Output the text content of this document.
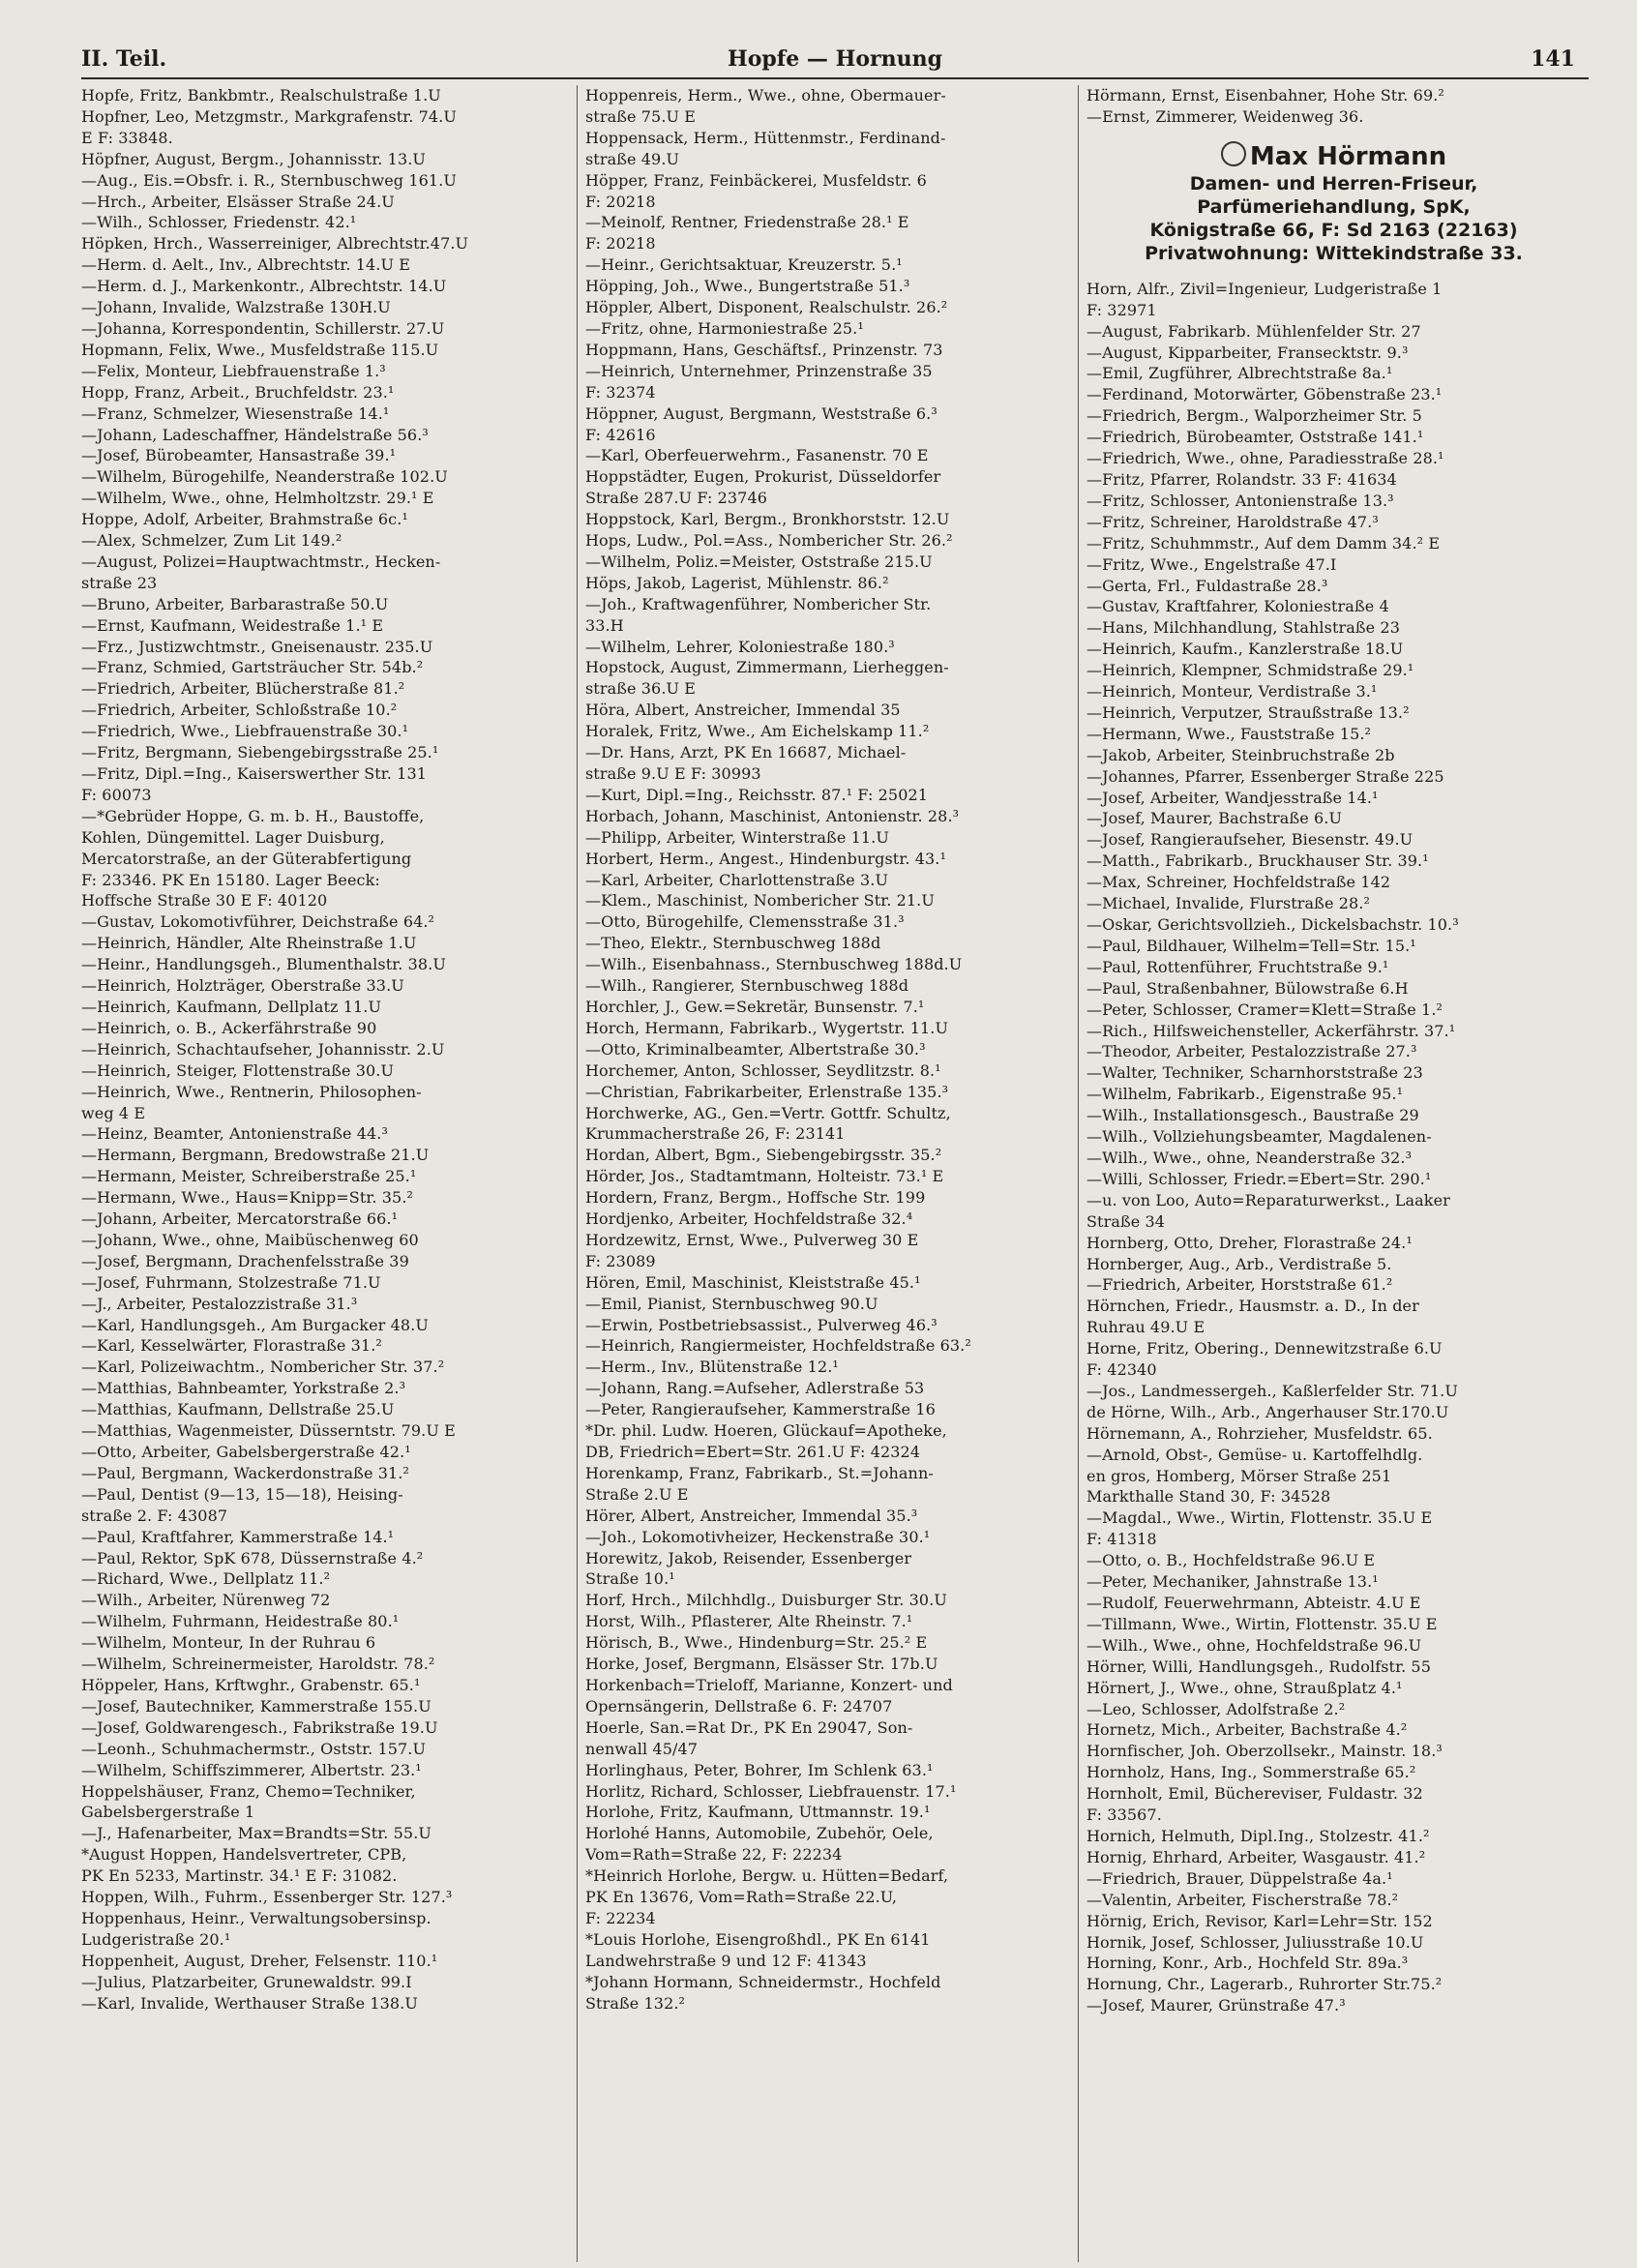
II. Teil.	Hopfe — Hornung	141
Hopfe, Fritz, Bankbmtr., Realschulstraße 1.U
Hopfner, Leo, Metzgmstr., Markgrafenstr. 74.U
E F: 33848.
Höpfner, August, Bergm., Johannisstr. 13.U
—Aug., Eis.=Obsfr. i. R., Sternbuschweg 161.U
—Hrch., Arbeiter, Elsässer Straße 24.U
—Wilh., Schlosser, Friedenstr. 42.¹
Höpken, Hrch., Wasserreiniger, Albrechtstr.47.U
—Herm. d. Aelt., Inv., Albrechtstr. 14.U E
—Herm. d. J., Markenkontr., Albrechtstr. 14.U
—Johann, Invalide, Walzstraße 130H.U
—Johanna, Korrespondentin, Schillerstr. 27.U
Hopmann, Felix, Wwe., Musfeldstraße 115.U
—Felix, Monteur, Liebfrauenstraße 1.³
Hopp, Franz, Arbeit., Bruchfeldstr. 23.¹
—Franz, Schmelzer, Wiesenstraße 14.¹
—Johann, Ladeschaffner, Händelstraße 56.³
—Josef, Bürobeamter, Hansastraße 39.¹
—Wilhelm, Bürogehilfe, Neanderstraße 102.U
—Wilhelm, Wwe., ohne, Helmholtzstr. 29.¹ E
Hoppe, Adolf, Arbeiter, Brahmstraße 6c.¹
—Alex, Schmelzer, Zum Lit 149.²
—August, Polizei=Hauptwachtmstr., Hecken-
straße 23
—Bruno, Arbeiter, Barbarastraße 50.U
—Ernst, Kaufmann, Weidestraße 1.¹ E
—Frz., Justizwchtmstr., Gneisenaustr. 235.U
—Franz, Schmied, Gartsträucher Str. 54b.²
—Friedrich, Arbeiter, Blücherstraße 81.²
—Friedrich, Arbeiter, Schloßstraße 10.²
—Friedrich, Wwe., Liebfrauenstraße 30.¹
—Fritz, Bergmann, Siebengebirgsstraße 25.¹
—Fritz, Dipl.=Ing., Kaiserswerther Str. 131
F: 60073
—*Gebrüder Hoppe, G. m. b. H., Baustoffe,
Kohlen, Düngemittel. Lager Duisburg,
Mercatorstraße, an der Güterabfertigung
F: 23346. PK En 15180. Lager Beeck:
Hoffsche Straße 30 E F: 40120
—Gustav, Lokomotivführer, Deichstraße 64.²
—Heinrich, Händler, Alte Rheinstraße 1.U
—Heinr., Handlungsgeh., Blumenthalstr. 38.U
—Heinrich, Holzträger, Oberstraße 33.U
—Heinrich, Kaufmann, Dellplatz 11.U
—Heinrich, o. B., Ackerfährstraße 90
—Heinrich, Schachtaufseher, Johannisstr. 2.U
—Heinrich, Steiger, Flottenstraße 30.U
—Heinrich, Wwe., Rentnerin, Philosophen-
weg 4 E
—Heinz, Beamter, Antonienstraße 44.³
—Hermann, Bergmann, Bredowstraße 21.U
—Hermann, Meister, Schreiberstraße 25.¹
—Hermann, Wwe., Haus=Knipp=Str. 35.²
—Johann, Arbeiter, Mercatorstraße 66.¹
—Johann, Wwe., ohne, Maibüschenweg 60
—Josef, Bergmann, Drachenfelsstraße 39
—Josef, Fuhrmann, Stolzestraße 71.U
—J., Arbeiter, Pestalozzistraße 31.³
—Karl, Handlungsgeh., Am Burgacker 48.U
—Karl, Kesselwärter, Florastraße 31.²
—Karl, Polizeiwachtm., Nombericher Str. 37.²
—Matthias, Bahnbeamter, Yorkstraße 2.³
—Matthias, Kaufmann, Dellstraße 25.U
—Matthias, Wagenmeister, Düsserntstr. 79.U E
—Otto, Arbeiter, Gabelsbergerstraße 42.¹
—Paul, Bergmann, Wackerdonstraße 31.²
—Paul, Dentist (9—13, 15—18), Heising-
straße 2. F: 43087
—Paul, Kraftfahrer, Kammerstraße 14.¹
—Paul, Rektor, SpK 678, Düssernstraße 4.²
—Richard, Wwe., Dellplatz 11.²
—Wilh., Arbeiter, Nürenweg 72
—Wilhelm, Fuhrmann, Heidestraße 80.¹
—Wilhelm, Monteur, In der Ruhrau 6
—Wilhelm, Schreinermeister, Haroldstr. 78.²
Höppeler, Hans, Krftwghr., Grabenstr. 65.¹
—Josef, Bautechniker, Kammerstraße 155.U
—Josef, Goldwarengesch., Fabrikstraße 19.U
—Leonh., Schuhmachermstr., Oststr. 157.U
—Wilhelm, Schiffszimmerer, Albertstr. 23.¹
Hoppelshäuser, Franz, Chemo=Techniker,
Gabelsbergerstraße 1
—J., Hafenarbeiter, Max=Brandts=Str. 55.U
*August Hoppen, Handelsvertreter, CPB,
PK En 5233, Martinstr. 34.¹ E F: 31082.
Hoppen, Wilh., Fuhrm., Essenberger Str. 127.³
Hoppenhaus, Heinr., Verwaltungsobersinsp.
Ludgeristraße 20.¹
Hoppenheit, August, Dreher, Felsenstr. 110.¹
—Julius, Platzarbeiter, Grunewaldstr. 99.I
—Karl, Invalide, Werthauser Straße 138.U
Hoppenreis, Herm., Wwe., ohne, Obermauer-
straße 75.U E
Hoppensack, Herm., Hüttenmstr., Ferdinand-
straße 49.U
Höpper, Franz, Feinbäckerei, Musfeldstr. 6
F: 20218
—Meinolf, Rentner, Friedenstraße 28.¹ E
F: 20218
—Heinr., Gerichtsaktuar, Kreuzerstr. 5.¹
Höpping, Joh., Wwe., Bungertstraße 51.³
Höppler, Albert, Disponent, Realschulstr. 26.²
—Fritz, ohne, Harmoniestraße 25.¹
Hoppmann, Hans, Geschäftsf., Prinzenstr. 73
—Heinrich, Unternehmer, Prinzenstraße 35
F: 32374
Höppner, August, Bergmann, Weststraße 6.³
F: 42616
—Karl, Oberfeuerwehrm., Fasanenstr. 70 E
Hoppstädter, Eugen, Prokurist, Düsseldorfer
Straße 287.U F: 23746
Hoppstock, Karl, Bergm., Bronkhorststr. 12.U
Hops, Ludw., Pol.=Ass., Nombericher Str. 26.²
—Wilhelm, Poliz.=Meister, Oststraße 215.U
Höps, Jakob, Lagerist, Mühlenstr. 86.²
—Joh., Kraftwagenführer, Nombericher Str.
33.H
—Wilhelm, Lehrer, Koloniestraße 180.³
Hopstock, August, Zimmermann, Lierheggen-
straße 36.U E
Höra, Albert, Anstreicher, Immendal 35
Horalek, Fritz, Wwe., Am Eichelskamp 11.²
—Dr. Hans, Arzt, PK En 16687, Michael-
straße 9.U E F: 30993
—Kurt, Dipl.=Ing., Reichsstr. 87.¹ F: 25021
Horbach, Johann, Maschinist, Antonienstr. 28.³
—Philipp, Arbeiter, Winterstraße 11.U
Horbert, Herm., Angest., Hindenburgstr. 43.¹
—Karl, Arbeiter, Charlottenstraße 3.U
—Klem., Maschinist, Nombericher Str. 21.U
—Otto, Bürogehilfe, Clemensstraße 31.³
—Theo, Elektr., Sternbuschweg 188d
—Wilh., Eisenbahnass., Sternbuschweg 188d.U
—Wilh., Rangierer, Sternbuschweg 188d
Horchler, J., Gew.=Sekretär, Bunsenstr. 7.¹
Horch, Hermann, Fabrikarb., Wygertstr. 11.U
—Otto, Kriminalbeamter, Albertstraße 30.³
Horchemer, Anton, Schlosser, Seydlitzstr. 8.¹
—Christian, Fabrikarbeiter, Erlenstraße 135.³
Horchwerke, AG., Gen.=Vertr. Gottfr. Schultz,
Krummacherstraße 26, F: 23141
Hordan, Albert, Bgm., Siebengebirgsstr. 35.²
Hörder, Jos., Stadtamtmann, Holteistr. 73.¹ E
Hordern, Franz, Bergm., Hoffsche Str. 199
Hordjenko, Arbeiter, Hochfeldstraße 32.⁴
Hordzewitz, Ernst, Wwe., Pulverweg 30 E
F: 23089
Hören, Emil, Maschinist, Kleiststraße 45.¹
—Emil, Pianist, Sternbuschweg 90.U
—Erwin, Postbetriebsassist., Pulverweg 46.³
—Heinrich, Rangiermeister, Hochfeldstraße 63.²
—Herm., Inv., Blütenstraße 12.¹
—Johann, Rang.=Aufseher, Adlerstraße 53
—Peter, Rangieraufseher, Kammerstraße 16
*Dr. phil. Ludw. Hoeren, Glückauf=Apotheke,
DB, Friedrich=Ebert=Str. 261.U F: 42324
Horenkamp, Franz, Fabrikarb., St.=Johann-
Straße 2.U E
Hörer, Albert, Anstreicher, Immendal 35.³
—Joh., Lokomotivheizer, Heckenstraße 30.¹
Horewitz, Jakob, Reisender, Essenberger
Straße 10.¹
Horf, Hrch., Milchhdlg., Duisburger Str. 30.U
Horst, Wilh., Pflasterer, Alte Rheinstr. 7.¹
Hörisch, B., Wwe., Hindenburg=Str. 25.² E
Horke, Josef, Bergmann, Elsässer Str. 17b.U
Horkenbach=Trieloff, Marianne, Konzert- und
Opernsängerin, Dellstraße 6. F: 24707
Hoerle, San.=Rat Dr., PK En 29047, Son-
nenwall 45/47
Horlinghaus, Peter, Bohrer, Im Schlenk 63.¹
Horlitz, Richard, Schlosser, Liebfrauenstr. 17.¹
Horlohe, Fritz, Kaufmann, Uttmannstr. 19.¹
Horlohé Hanns, Automobile, Zubehör, Oele,
Vom=Rath=Straße 22, F: 22234
*Heinrich Horlohe, Bergw. u. Hütten=Bedarf,
PK En 13676, Vom=Rath=Straße 22.U,
F: 22234
*Louis Horlohe, Eisengroßhdl., PK En 6141
Landwehrstraße 9 und 12 F: 41343
*Johann Hormann, Schneidermstr., Hochfeld
Straße 132.²
Hörmann, Ernst, Eisenbahner, Hohe Str. 69.²
—Ernst, Zimmerer, Weidenweg 36.
Max Hörmann
Damen- und Herren-Friseur,
Parfümeriehandlung, SpK,
Königstraße 66, F: Sd 2163 (22163)
Privatwohnung: Wittekindstraße 33.
Horn, Alfr., Zivil=Ingenieur, Ludgeristraße 1
F: 32971
—August, Fabrikarb. Mühlenfelder Str. 27
—August, Kipparbeiter, Fransecktstr. 9.³
—Emil, Zugführer, Albrechtstraße 8a.¹
—Ferdinand, Motorwärter, Göbenstraße 23.¹
—Friedrich, Bergm., Walporzheimer Str. 5
—Friedrich, Bürobeamter, Oststraße 141.¹
—Friedrich, Wwe., ohne, Paradiesstraße 28.¹
—Fritz, Pfarrer, Rolandstr. 33 F: 41634
—Fritz, Schlosser, Antonienstraße 13.³
—Fritz, Schreiner, Haroldstraße 47.³
—Fritz, Schuhmmstr., Auf dem Damm 34.² E
—Fritz, Wwe., Engelstraße 47.I
—Gerta, Frl., Fuldastraße 28.³
—Gustav, Kraftfahrer, Koloniestraße 4
—Hans, Milchhandlung, Stahlstraße 23
—Heinrich, Kaufm., Kanzlerstraße 18.U
—Heinrich, Klempner, Schmidstraße 29.¹
—Heinrich, Monteur, Verdistraße 3.¹
—Heinrich, Verputzer, Straußstraße 13.²
—Hermann, Wwe., Fauststraße 15.²
—Jakob, Arbeiter, Steinbruchstraße 2b
—Johannes, Pfarrer, Essenberger Straße 225
—Josef, Arbeiter, Wandjesstraße 14.¹
—Josef, Maurer, Bachstraße 6.U
—Josef, Rangieraufseher, Biesenstr. 49.U
—Matth., Fabrikarb., Bruckhauser Str. 39.¹
—Max, Schreiner, Hochfeldstraße 142
—Michael, Invalide, Flurstraße 28.²
—Oskar, Gerichtsvollzieh., Dickelsbachstr. 10.³
—Paul, Bildhauer, Wilhelm=Tell=Str. 15.¹
—Paul, Rottenführer, Fruchtstraße 9.¹
—Paul, Straßenbahner, Bülowstraße 6.H
—Peter, Schlosser, Cramer=Klett=Straße 1.²
—Rich., Hilfsweichensteller, Ackerfährstr. 37.¹
—Theodor, Arbeiter, Pestalozzistraße 27.³
—Walter, Techniker, Scharnhorststraße 23
—Wilhelm, Fabrikarb., Eigenstraße 95.¹
—Wilh., Installationsgesch., Baustraße 29
—Wilh., Vollziehungsbeamter, Magdalenen-
—Wilh., Wwe., ohne, Neanderstraße 32.³
—Willi, Schlosser, Friedr.=Ebert=Str. 290.¹
—u. von Loo, Auto=Reparaturwerkst., Laaker
Straße 34
Hornberg, Otto, Dreher, Florastraße 24.¹
Hornberger, Aug., Arb., Verdistraße 5.
—Friedrich, Arbeiter, Horststraße 61.²
Hörnchen, Friedr., Hausmstr. a. D., In der
Ruhrau 49.U E
Horne, Fritz, Obering., Dennewitzstraße 6.U
F: 42340
—Jos., Landmessergeh., Kaßlerfelder Str. 71.U
de Hörne, Wilh., Arb., Angerhauser Str.170.U
Hörnemann, A., Rohrzieher, Musfeldstr. 65.
—Arnold, Obst-, Gemüse- u. Kartoffelhdlg.
en gros, Homberg, Mörser Straße 251
Markthalle Stand 30, F: 34528
—Magdal., Wwe., Wirtin, Flottenstr. 35.U E
F: 41318
—Otto, o. B., Hochfeldstraße 96.U E
—Peter, Mechaniker, Jahnstraße 13.¹
—Rudolf, Feuerwehrmann, Abteistr. 4.U E
—Tillmann, Wwe., Wirtin, Flottenstr. 35.U E
—Wilh., Wwe., ohne, Hochfeldstraße 96.U
Hörner, Willi, Handlungsgeh., Rudolfstr. 55
Hörnert, J., Wwe., ohne, Straußplatz 4.¹
—Leo, Schlosser, Adolfstraße 2.²
Hornetz, Mich., Arbeiter, Bachstraße 4.²
Hornfischer, Joh. Oberzollsekr., Mainstr. 18.³
Hornholz, Hans, Ing., Sommerstraße 65.²
Hornholt, Emil, Büchereviser, Fuldastr. 32
F: 33567.
Hornich, Helmuth, Dipl.Ing., Stolzestr. 41.²
Hornig, Ehrhard, Arbeiter, Wasgaustr. 41.²
—Friedrich, Brauer, Düppelstraße 4a.¹
—Valentin, Arbeiter, Fischerstraße 78.²
Hörnig, Erich, Revisor, Karl=Lehr=Str. 152
Hornik, Josef, Schlosser, Juliusstraße 10.U
Horning, Konr., Arb., Hochfeld Str. 89a.³
Hornung, Chr., Lagerarb., Ruhrorter Str.75.²
—Josef, Maurer, Grünstraße 47.³
